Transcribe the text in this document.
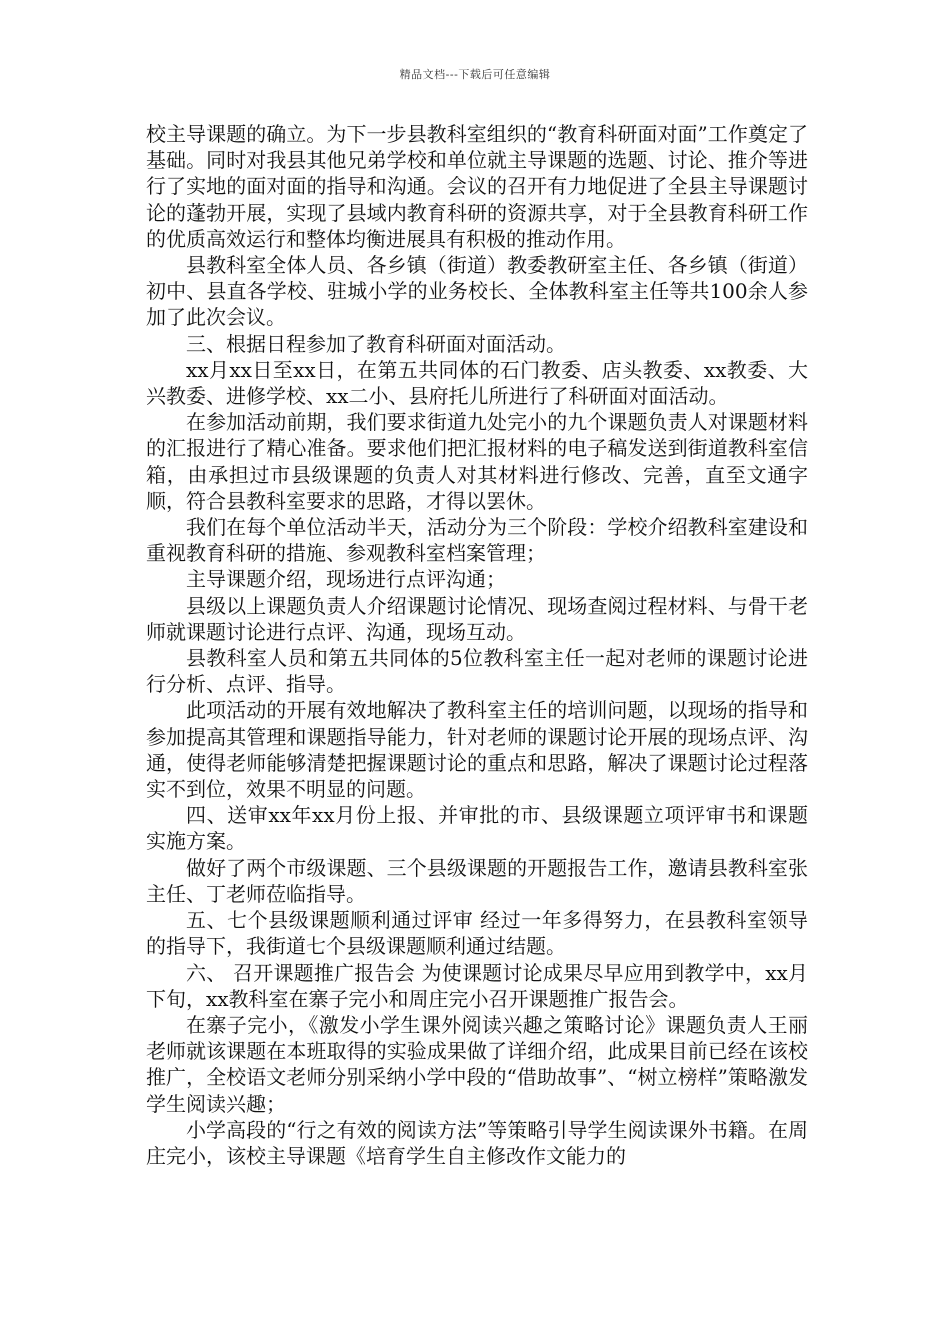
精品文档---下载后可任意编辑

校主导课题的确立。为下一步县教科室组织的“教育科研面对面”工作奠定了基础。同时对我县其他兄弟学校和单位就主导课题的选题、讨论、推介等进行了实地的面对面的指导和沟通。会议的召开有力地促进了全县主导课题讨论的蓬勃开展，实现了县域内教育科研的资源共享，对于全县教育科研工作的优质高效运行和整体均衡进展具有积极的推动作用。

县教科室全体人员、各乡镇（街道）教委教研室主任、各乡镇（街道）初中、县直各学校、驻城小学的业务校长、全体教科室主任等共100余人参加了此次会议。

三、根据日程参加了教育科研面对面活动。

xx月xx日至xx日，在第五共同体的石门教委、店头教委、xx教委、大兴教委、进修学校、xx二小、县府托儿所进行了科研面对面活动。

在参加活动前期，我们要求街道九处完小的九个课题负责人对课题材料的汇报进行了精心准备。要求他们把汇报材料的电子稿发送到街道教科室信箱，由承担过市县级课题的负责人对其材料进行修改、完善，直至文通字顺，符合县教科室要求的思路，才得以罢休。

我们在每个单位活动半天，活动分为三个阶段：学校介绍教科室建设和重视教育科研的措施、参观教科室档案管理；

主导课题介绍，现场进行点评沟通；

县级以上课题负责人介绍课题讨论情况、现场查阅过程材料、与骨干老师就课题讨论进行点评、沟通，现场互动。

县教科室人员和第五共同体的5位教科室主任一起对老师的课题讨论进行分析、点评、指导。

此项活动的开展有效地解决了教科室主任的培训问题，以现场的指导和参加提高其管理和课题指导能力，针对老师的课题讨论开展的现场点评、沟通，使得老师能够清楚把握课题讨论的重点和思路，解决了课题讨论过程落实不到位，效果不明显的问题。

四、送审xx年xx月份上报、并审批的市、县级课题立项评审书和课题实施方案。

做好了两个市级课题、三个县级课题的开题报告工作，邀请县教科室张主任、丁老师莅临指导。

五、七个县级课题顺利通过评审 经过一年多得努力，在县教科室领导的指导下，我街道七个县级课题顺利通过结题。

六、 召开课题推广报告会 为使课题讨论成果尽早应用到教学中，xx月下旬，xx教科室在寨子完小和周庄完小召开课题推广报告会。

在寨子完小，《激发小学生课外阅读兴趣之策略讨论》课题负责人王丽老师就该课题在本班取得的实验成果做了详细介绍，此成果目前已经在该校推广，全校语文老师分别采纳小学中段的“借助故事”、“树立榜样”策略激发学生阅读兴趣；

小学高段的“行之有效的阅读方法”等策略引导学生阅读课外书籍。在周庄完小，该校主导课题《培育学生自主修改作文能力的
